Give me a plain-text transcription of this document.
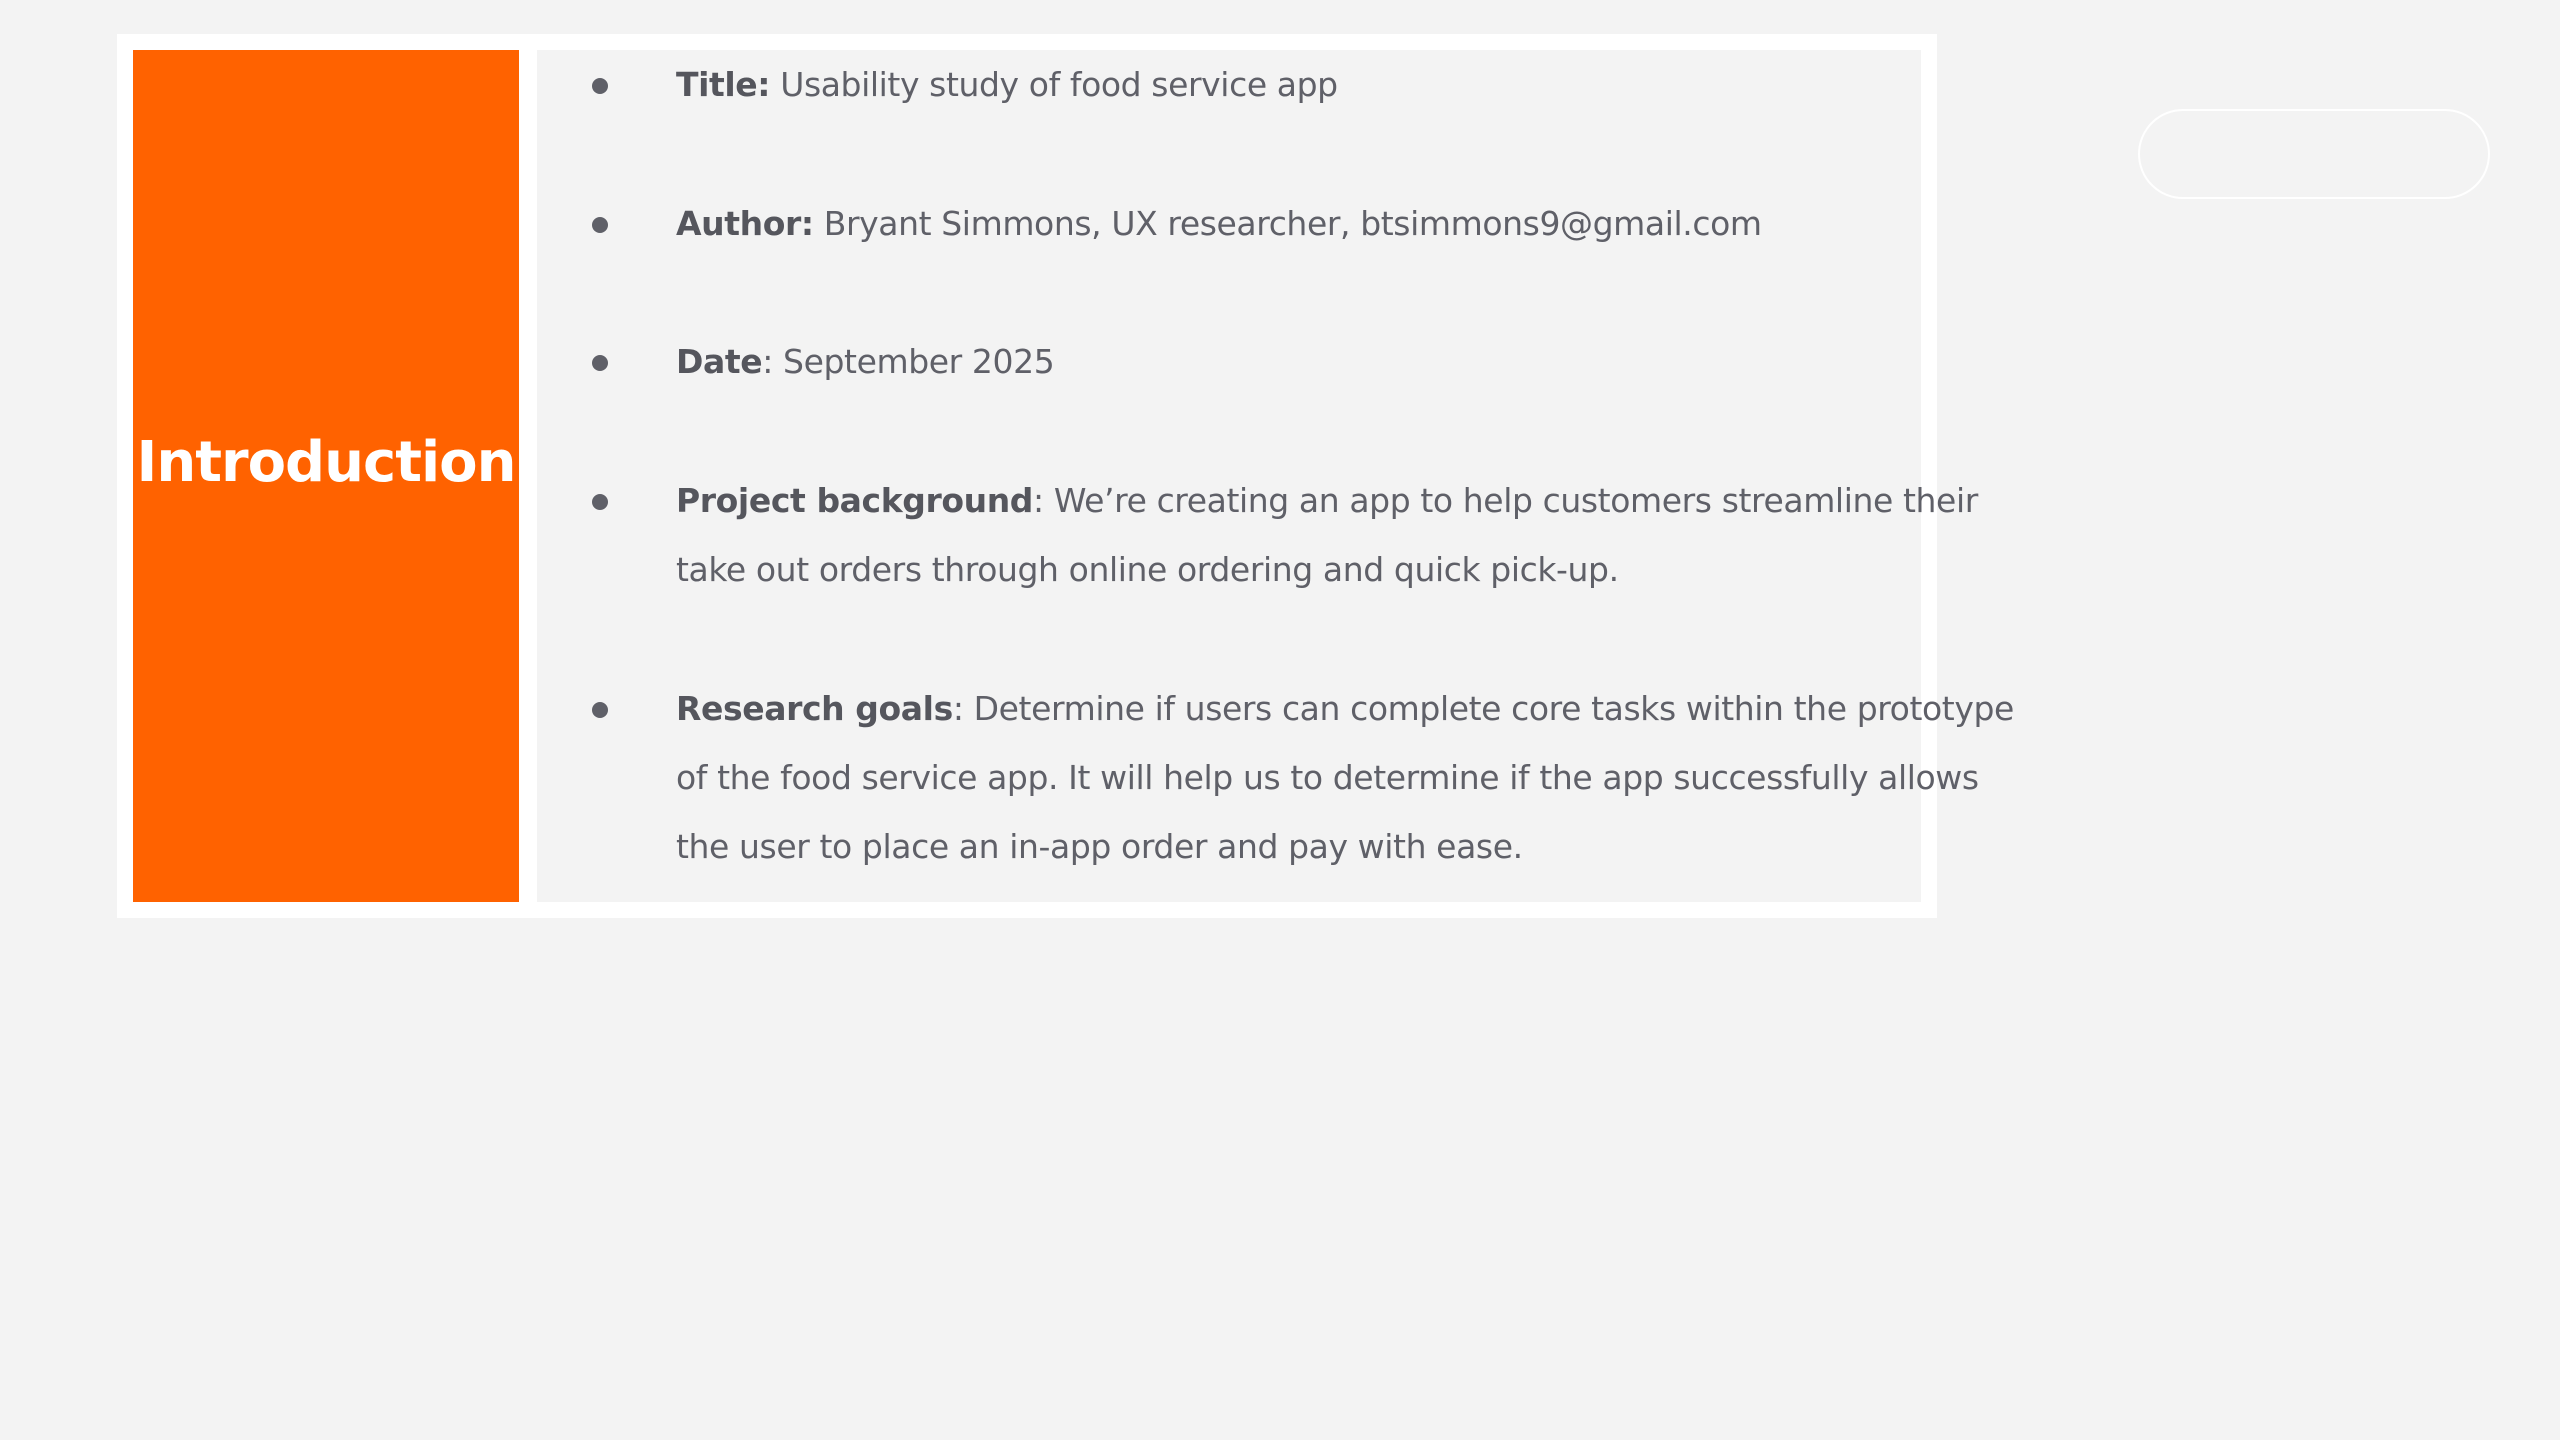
Introduction
Title: Usability study of food service app
Author: Bryant Simmons, UX researcher, btsimmons9@gmail.com
Date: September 2025
Project background: We’re creating an app to help customers streamline their
take out orders through online ordering and quick pick-up.
Research goals: Determine if users can complete core tasks within the prototype
of the food service app. It will help us to determine if the app successfully allows
the user to place an in-app order and pay with ease.
